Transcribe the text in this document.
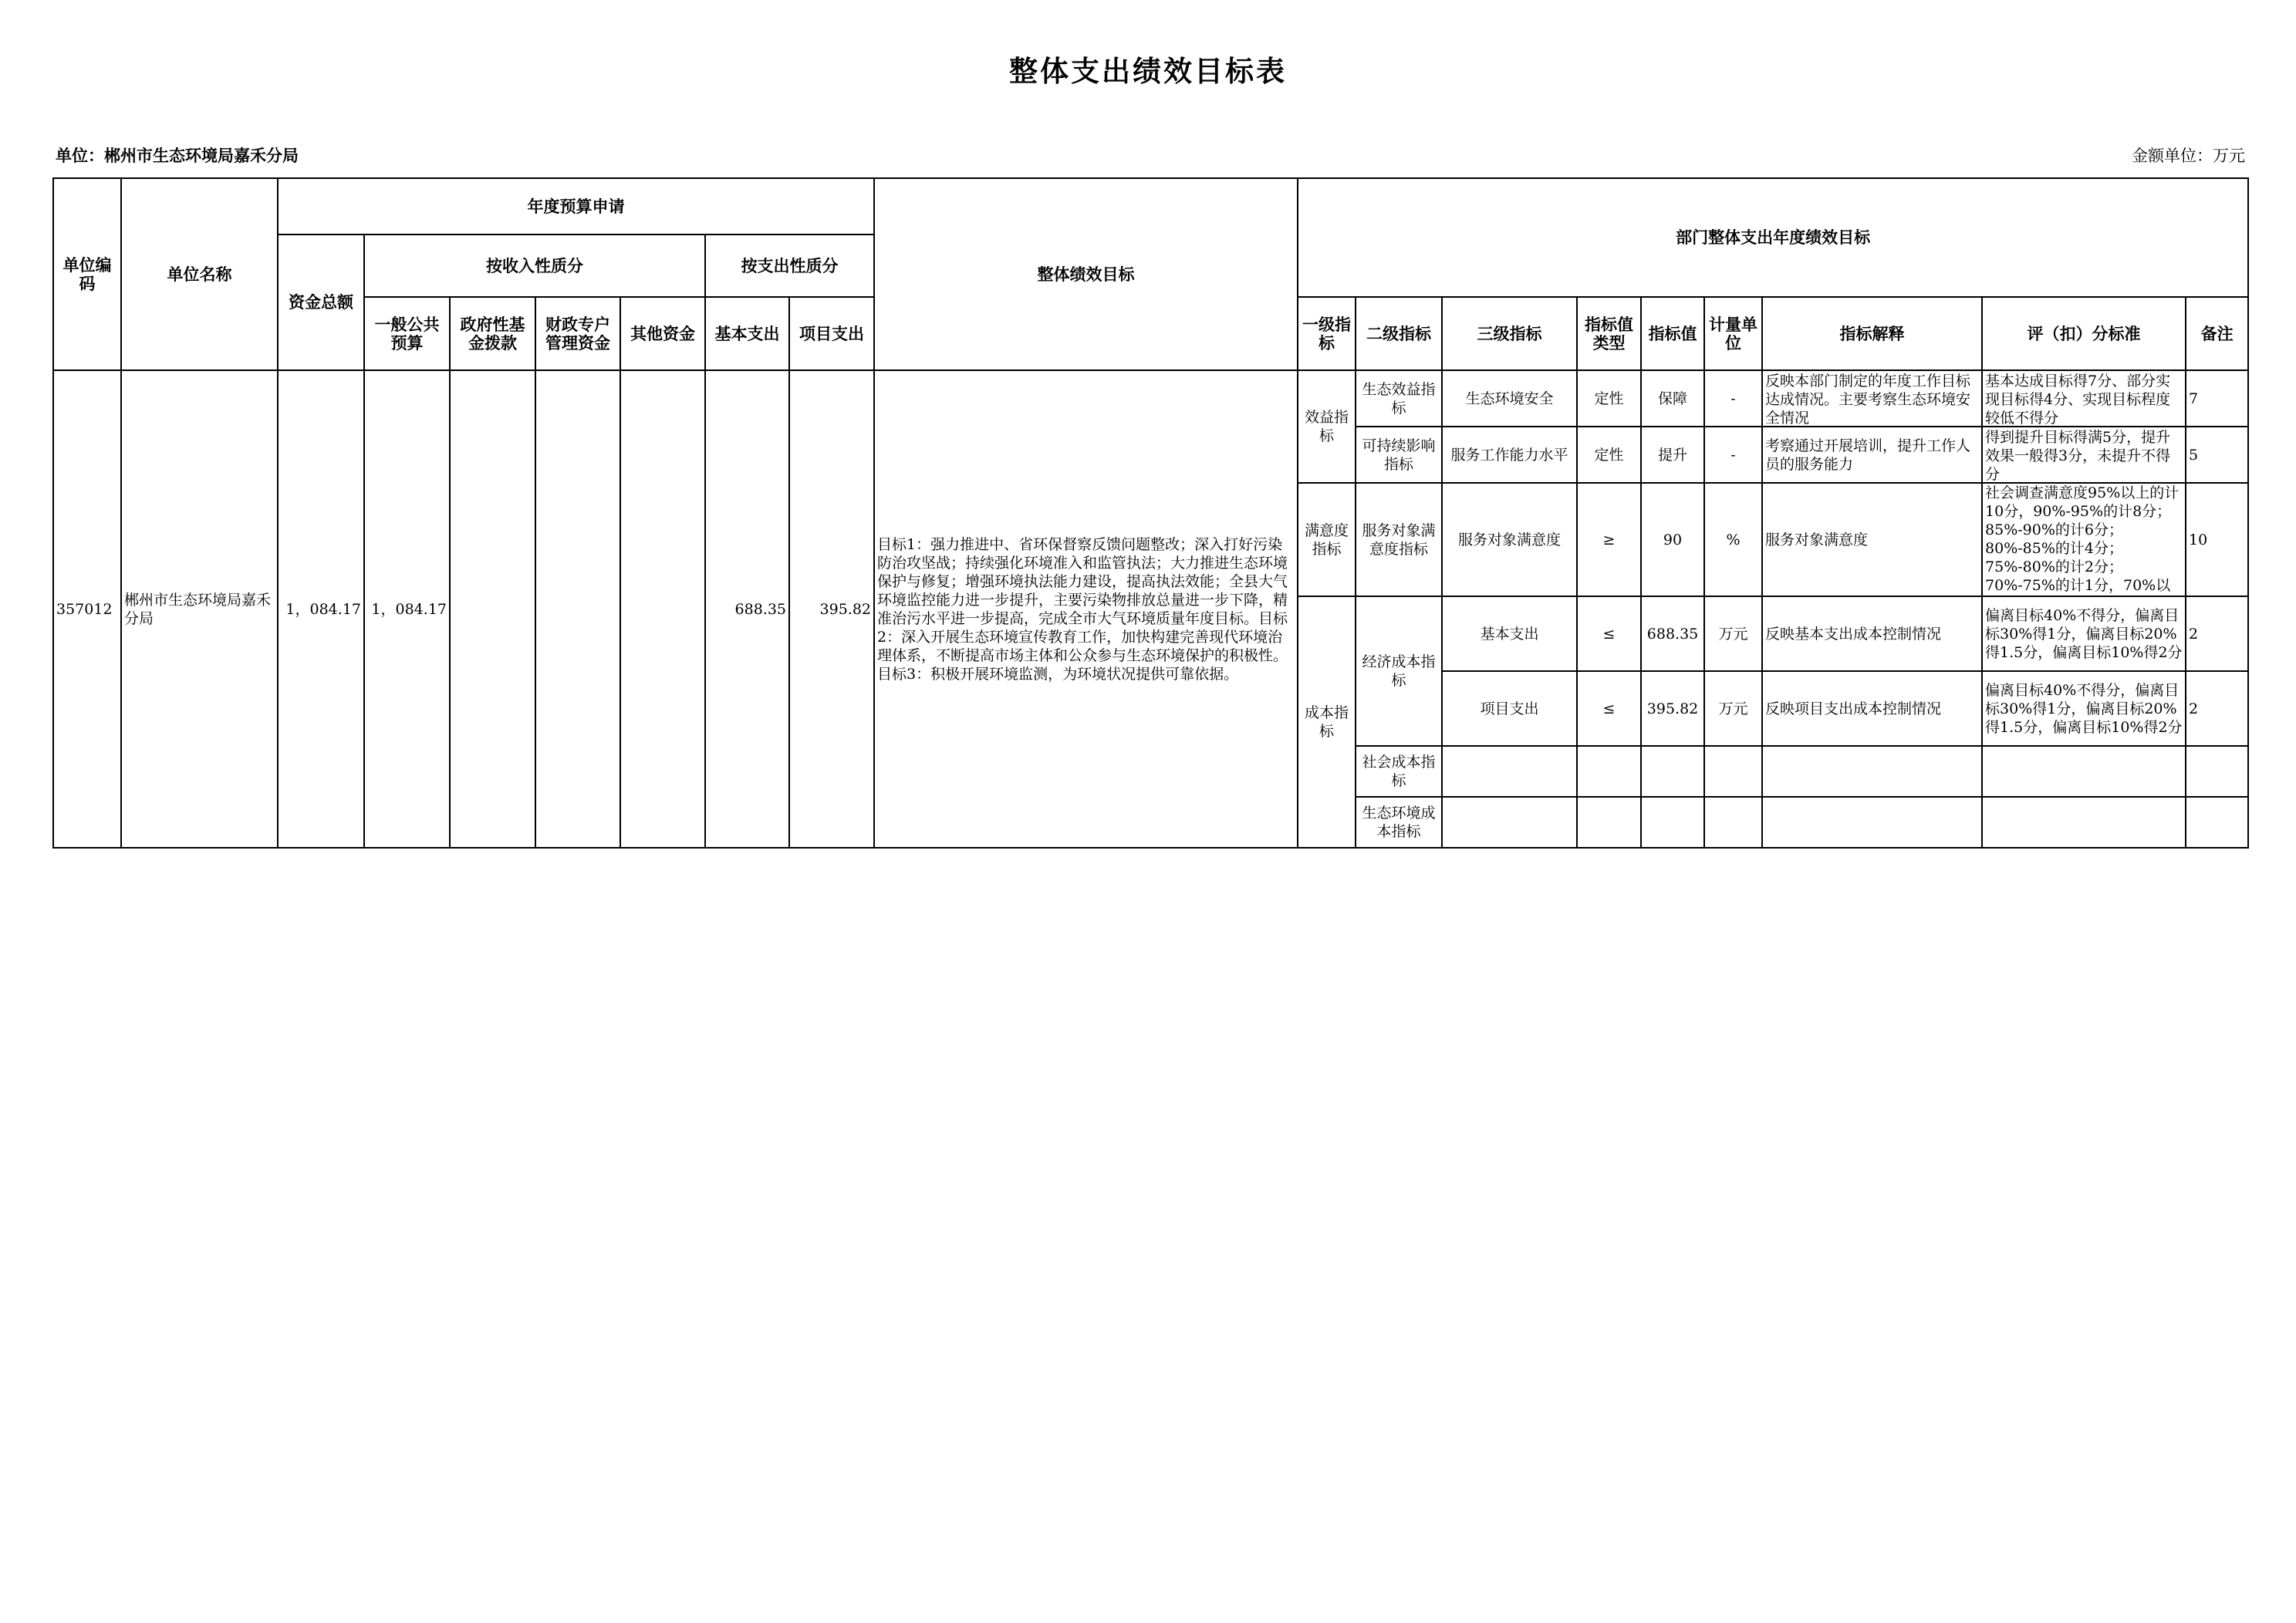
整体支出绩效目标表
单位：郴州市生态环境局嘉禾分局	金额单位：万元
单位编码	单位名称	年度预算申请							整体绩效目标	部门整体支出年度绩效目标								
		资金总额	按收入性质分				按支出性质分											
			一般公共预算	政府性基金拨款	财政专户管理资金	其他资金	基本支出	项目支出		一级指标	二级指标	三级指标	指标值类型	指标值	计量单位	指标解释	评（扣）分标准	备注
357012	郴州市生态环境局嘉禾分局	1，084.17	1，084.17				688.35	395.82	目标1：强力推进中、省环保督察反馈问题整改；深入打好污染防治攻坚战；持续强化环境准入和监管执法；大力推进生态环境保护与修复；增强环境执法能力建设，提高执法效能；全县大气环境监控能力进一步提升，主要污染物排放总量进一步下降，精准治污水平进一步提高，完成全市大气环境质量年度目标。目标2：深入开展生态环境宣传教育工作，加快构建完善现代环境治理体系，不断提高市场主体和公众参与生态环境保护的积极性。目标3：积极开展环境监测，为环境状况提供可靠依据。	效益指标	生态效益指标	生态环境安全	定性	保障	-	反映本部门制定的年度工作目标达成情况。主要考察生态环境安全情况	基本达成目标得7分、部分实现目标得4分、实现目标程度较低不得分	7
											可持续影响指标	服务工作能力水平	定性	提升	-	考察通过开展培训，提升工作人员的服务能力	得到提升目标得满5分，提升效果一般得3分，未提升不得分	5
										满意度指标	服务对象满意度指标	服务对象满意度	≥	90	%	服务对象满意度	社会调查满意度95%以上的计10分，90%-95%的计8分；85%-90%的计6分；80%-85%的计4分；75%-80%的计2分；70%-75%的计1分，70%以	10
										成本指标	经济成本指标	基本支出	≤	688.35	万元	反映基本支出成本控制情况	偏离目标40%不得分，偏离目标30%得1分，偏离目标20%得1.5分，偏离目标10%得2分	2
												项目支出	≤	395.82	万元	反映项目支出成本控制情况	偏离目标40%不得分，偏离目标30%得1分，偏离目标20%得1.5分，偏离目标10%得2分	2
											社会成本指标							
											生态环境成本指标							
